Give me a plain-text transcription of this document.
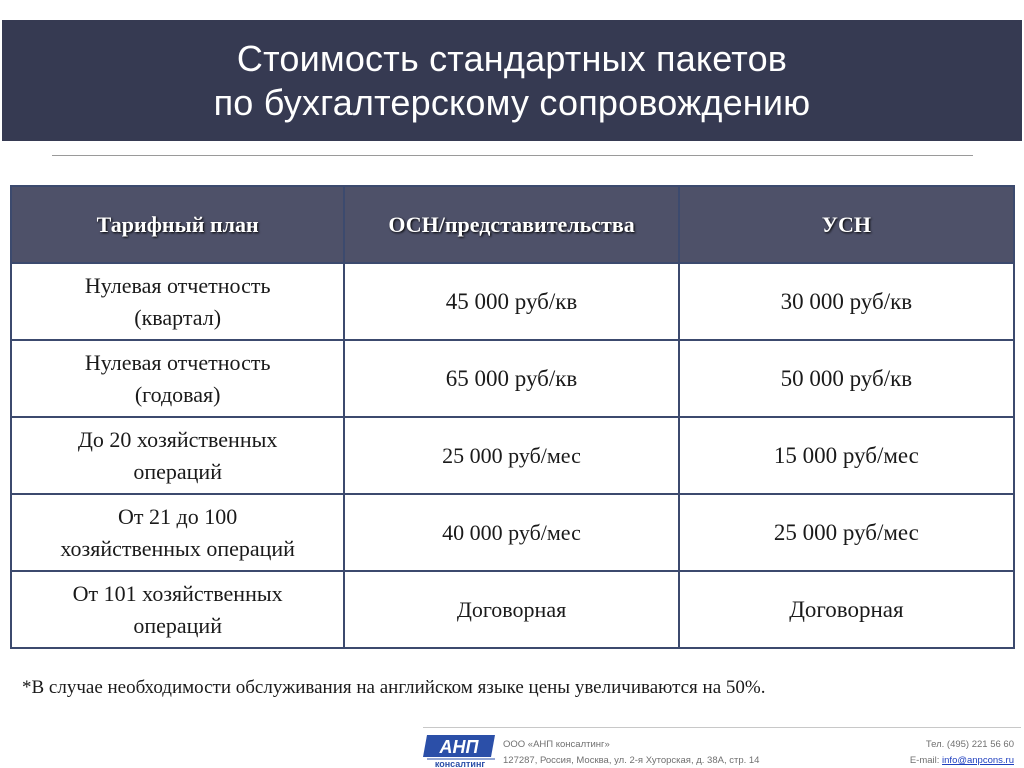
Стоимость стандартных пакетов
по бухгалтерскому сопровождению
Тарифный план	ОСН/представительства	УСН

Нулевая отчетность
(квартал)	45 000 руб/кв	30 000 руб/кв

Нулевая отчетность
(годовая)	65 000 руб/кв	50 000 руб/кв

До 20 хозяйственных
операций	25 000 руб/мес	15 000 руб/мес

От 21 до 100
хозяйственных операций	40 000 руб/мес	25 000 руб/мес

От 101 хозяйственных
операций	Договорная	Договорная
*В случае необходимости обслуживания на английском языке цены увеличиваются на 50%.
АНП
консалтинг
ООО «АНП консалтинг»
127287, Россия, Москва, ул. 2-я Хуторская, д. 38А, стр. 14
Тел. (495) 221 56 60
E-mail: info@anpcons.ru
